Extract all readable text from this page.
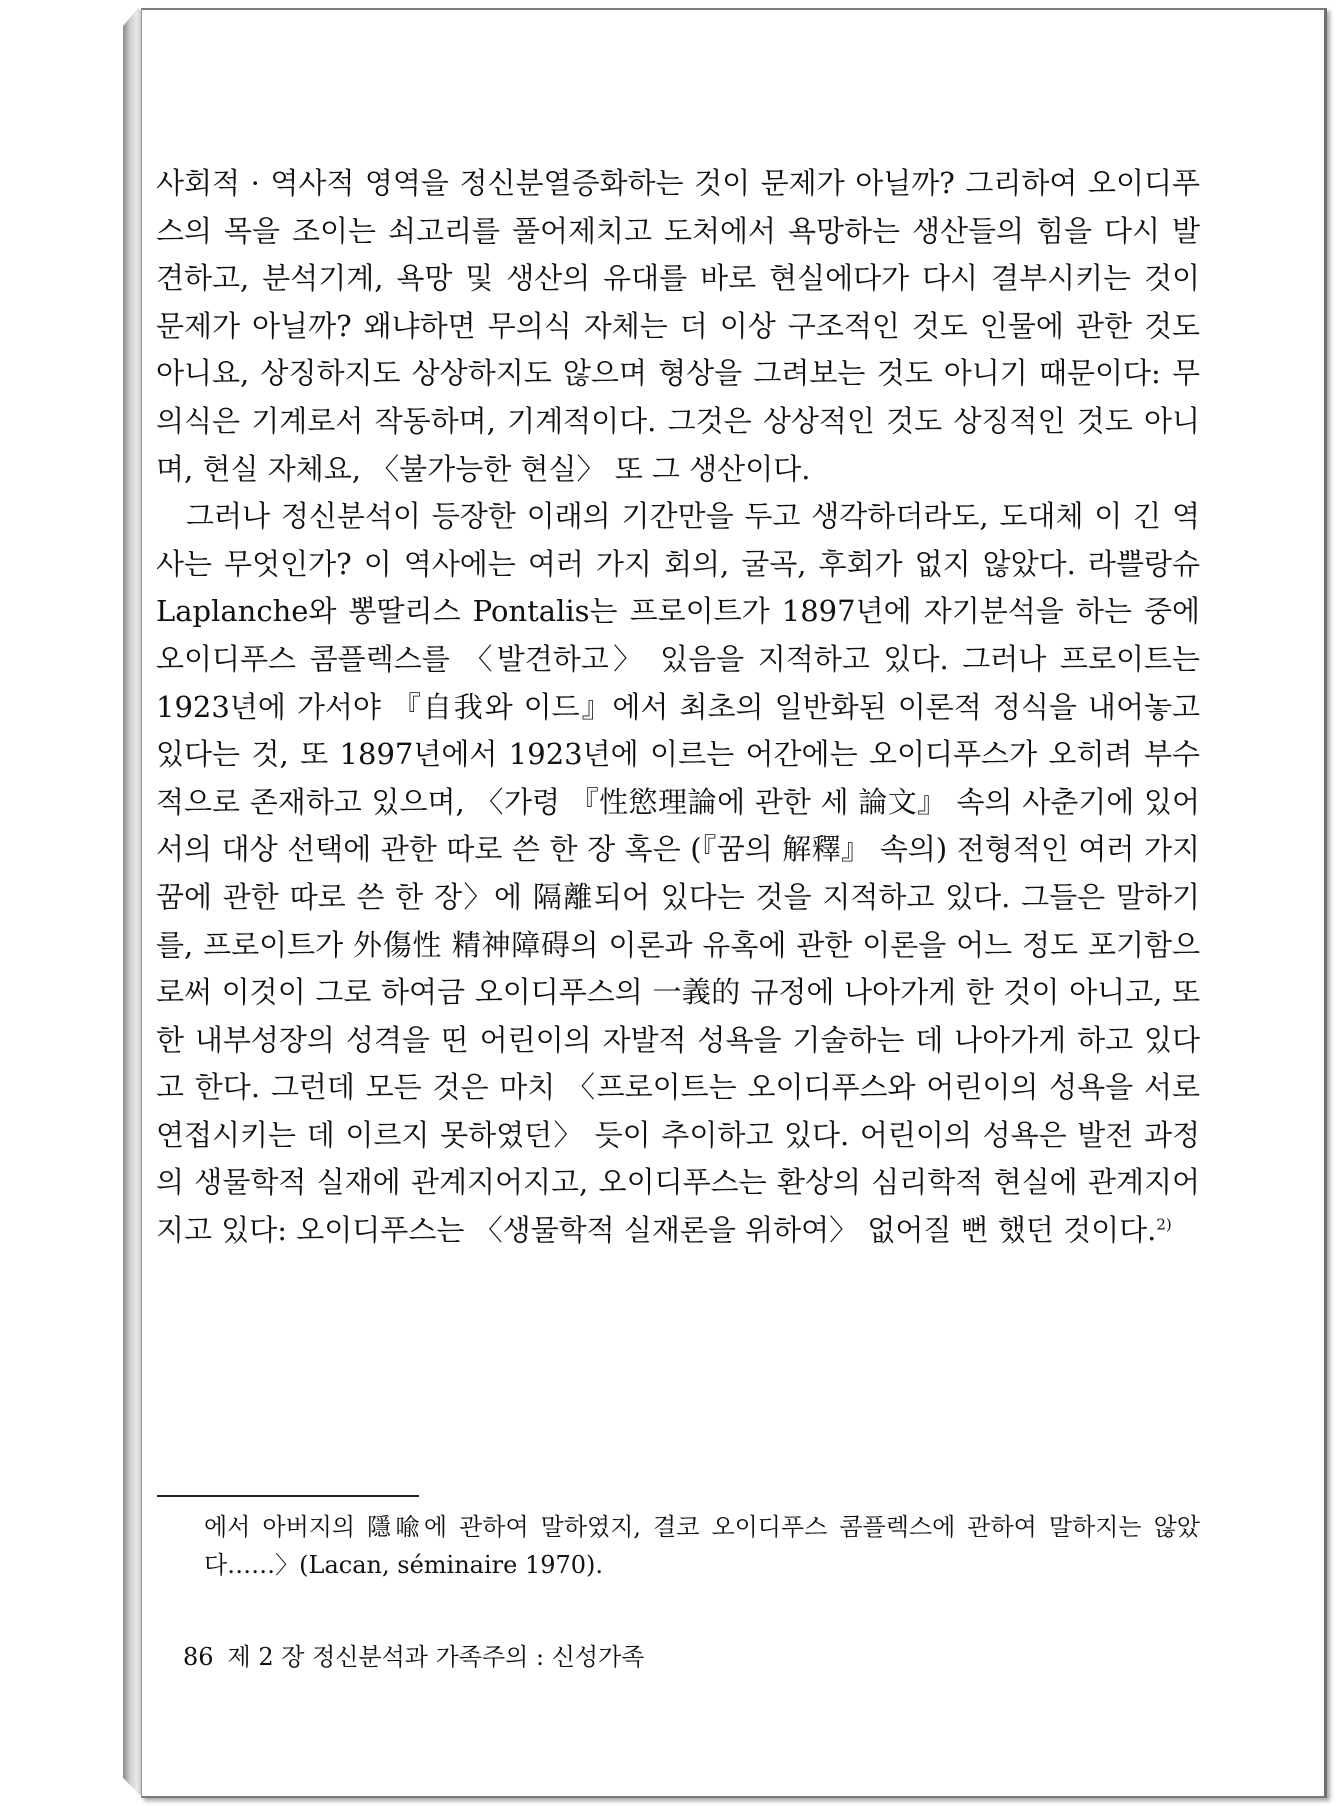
사회적 · 역사적 영역을 정신분열증화하는 것이 문제가 아닐까? 그리하여 오이디푸스의 목을 조이는 쇠고리를 풀어제치고 도처에서 욕망하는 생산들의 힘을 다시 발견하고, 분석기계, 욕망 및 생산의 유대를 바로 현실에다가 다시 결부시키는 것이 문제가 아닐까? 왜냐하면 무의식 자체는 더 이상 구조적인 것도 인물에 관한 것도 아니요, 상징하지도 상상하지도 않으며 형상을 그려보는 것도 아니기 때문이다: 무의식은 기계로서 작동하며, 기계적이다. 그것은 상상적인 것도 상징적인 것도 아니며, 현실 자체요, 〈불가능한 현실〉 또 그 생산이다.

그러나 정신분석이 등장한 이래의 기간만을 두고 생각하더라도, 도대체 이 긴 역사는 무엇인가? 이 역사에는 여러 가지 회의, 굴곡, 후회가 없지 않았다. 라쁠랑슈 Laplanche와 뽕딸리스 Pontalis는 프로이트가 1897년에 자기분석을 하는 중에 오이디푸스 콤플렉스를 〈발견하고〉 있음을 지적하고 있다. 그러나 프로이트는 1923년에 가서야 『自我와 이드』에서 최초의 일반화된 이론적 정식을 내어놓고 있다는 것, 또 1897년에서 1923년에 이르는 어간에는 오이디푸스가 오히려 부수적으로 존재하고 있으며, 〈가령 『性慾理論에 관한 세 論文』 속의 사춘기에 있어서의 대상 선택에 관한 따로 쓴 한 장 혹은 (『꿈의 解釋』 속의) 전형적인 여러 가지 꿈에 관한 따로 쓴 한 장〉에 隔離되어 있다는 것을 지적하고 있다. 그들은 말하기를, 프로이트가 外傷性 精神障碍의 이론과 유혹에 관한 이론을 어느 정도 포기함으로써 이것이 그로 하여금 오이디푸스의 一義的 규정에 나아가게 한 것이 아니고, 또한 내부성장의 성격을 띤 어린이의 자발적 성욕을 기술하는 데 나아가게 하고 있다고 한다. 그런데 모든 것은 마치 〈프로이트는 오이디푸스와 어린이의 성욕을 서로 연접시키는 데 이르지 못하였던〉 듯이 추이하고 있다. 어린이의 성욕은 발전 과정의 생물학적 실재에 관계지어지고, 오이디푸스는 환상의 심리학적 현실에 관계지어지고 있다: 오이디푸스는 〈생물학적 실재론을 위하여〉 없어질 뻔 했던 것이다.$^{2)}$

에서 아버지의 隱喩에 관하여 말하였지, 결코 오이디푸스 콤플렉스에 관하여 말하지는 않았다……〉(Lacan, séminaire 1970).

86 제 2 장 정신분석과 가족주의 : 신성가족
